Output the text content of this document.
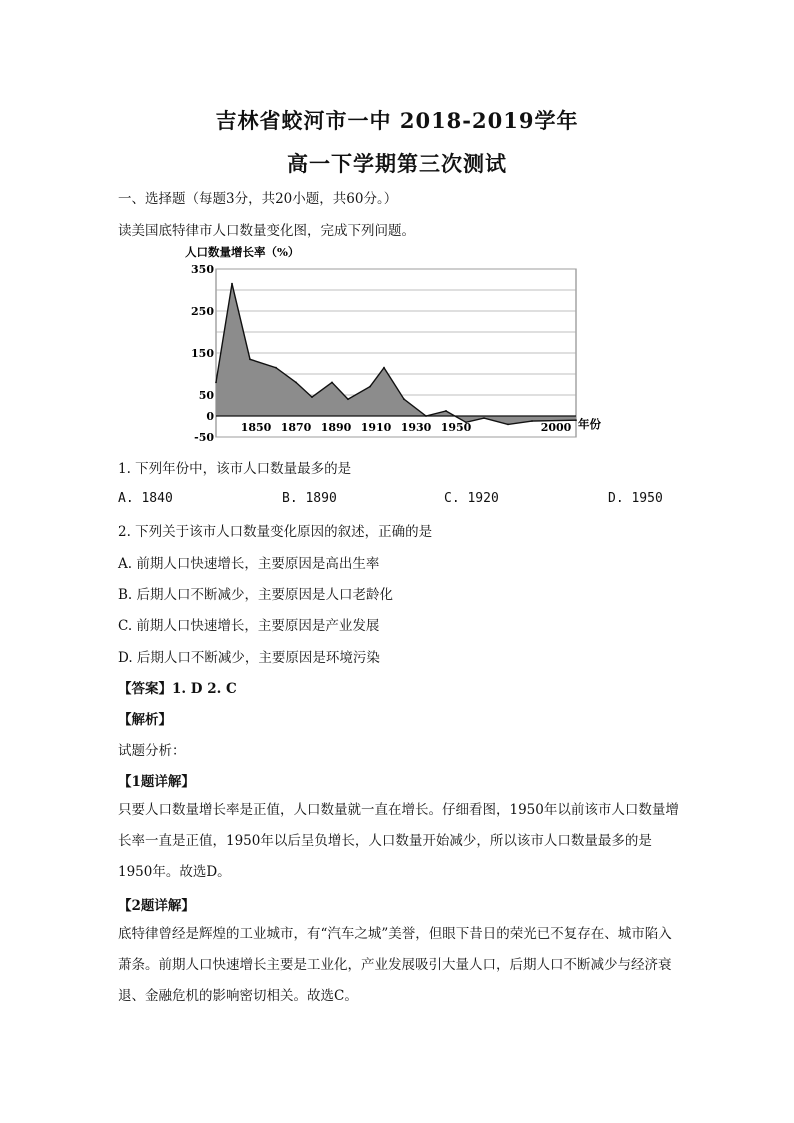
吉林省蛟河市一中 2018-2019学年
高一下学期第三次测试
一、选择题（每题3分，共20小题，共60分。）
读美国底特律市人口数量变化图，完成下列问题。
人口数量增长率（%）
350
250
150
50
0
-50
1850 1870 1890 1910 1930 1950	2000 年份
1. 下列年份中，该市人口数量最多的是
A. 1840	B. 1890	C. 1920	D. 1950
2. 下列关于该市人口数量变化原因的叙述，正确的是
A. 前期人口快速增长，主要原因是高出生率
B. 后期人口不断减少，主要原因是人口老龄化
C. 前期人口快速增长，主要原因是产业发展
D. 后期人口不断减少，主要原因是环境污染
【答案】1. D 2. C
【解析】
试题分析：
【1题详解】
只要人口数量增长率是正值，人口数量就一直在增长。仔细看图，1950年以前该市人口数量增长率一直是正值，1950年以后呈负增长，人口数量开始减少，所以该市人口数量最多的是1950年。故选D。
【2题详解】
底特律曾经是辉煌的工业城市，有“汽车之城”美誉，但眼下昔日的荣光已不复存在、城市陷入萧条。前期人口快速增长主要是工业化，产业发展吸引大量人口，后期人口不断减少与经济衰退、金融危机的影响密切相关。故选C。
